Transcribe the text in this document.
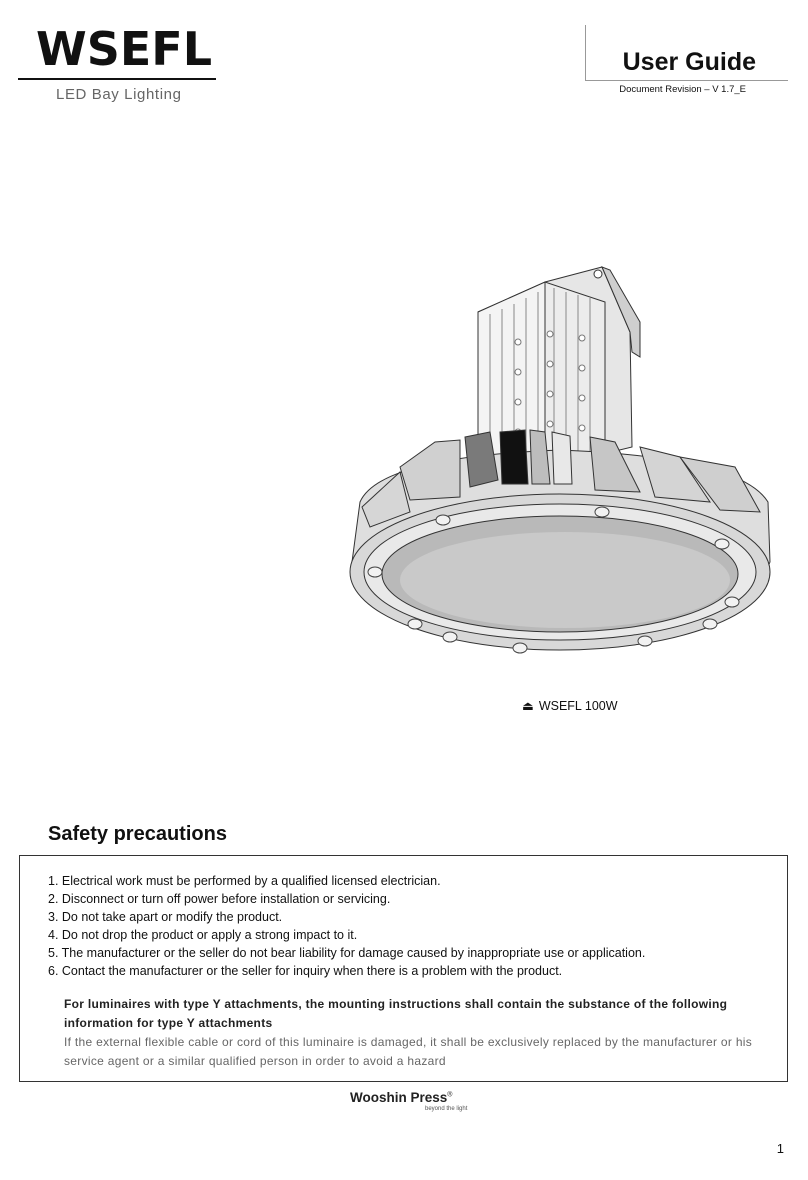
WSEFL
LED Bay Lighting
User Guide
Document Revision – V 1.7_E
⏏ WSEFL 100W
Safety precautions
1. Electrical work must be performed by a qualified licensed electrician.
2. Disconnect or turn off power before installation or servicing.
3. Do not take apart or modify the product.
4. Do not drop the product or apply a strong impact to it.
5. The manufacturer or the seller do not bear liability for damage caused by inappropriate use or application.
6. Contact the manufacturer or the seller for inquiry when there is a problem with the product.
For luminaires with type Y attachments, the mounting instructions shall contain the substance of the following information for type Y attachments
If the external flexible cable or cord of this luminaire is damaged, it shall be exclusively replaced by the manufacturer or his service agent or a similar qualified person in order to avoid a hazard
Wooshin Press®
beyond the light
1
